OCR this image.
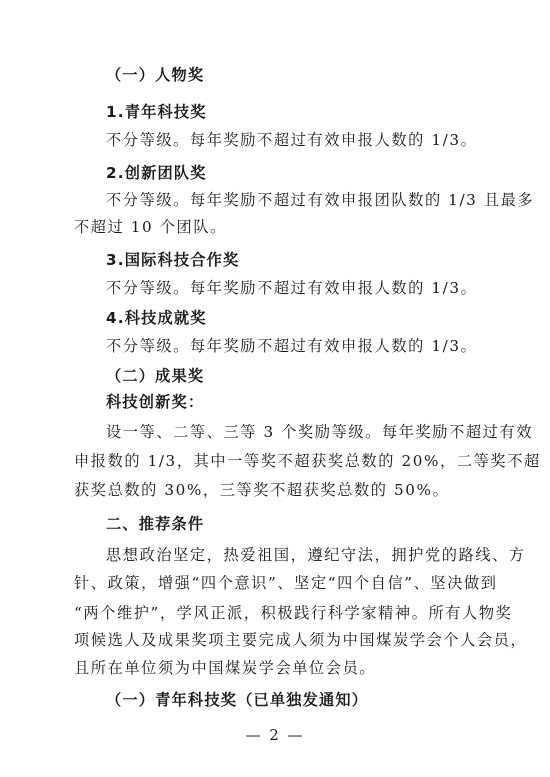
（一）人物奖
1.青年科技奖
不分等级。每年奖励不超过有效申报人数的 1/3。
2.创新团队奖
不分等级。每年奖励不超过有效申报团队数的 1/3 且最多
不超过 10 个团队。
3.国际科技合作奖
不分等级。每年奖励不超过有效申报人数的 1/3。
4.科技成就奖
不分等级。每年奖励不超过有效申报人数的 1/3。
（二）成果奖
科技创新奖：
设一等、二等、三等 3 个奖励等级。每年奖励不超过有效
申报数的 1/3，其中一等奖不超获奖总数的 20%，二等奖不超
获奖总数的 30%，三等奖不超获奖总数的 50%。
二、推荐条件
思想政治坚定，热爱祖国，遵纪守法，拥护党的路线、方
针、政策，增强“四个意识”、坚定“四个自信”、坚决做到
“两个维护”，学风正派，积极践行科学家精神。所有人物奖
项候选人及成果奖项主要完成人须为中国煤炭学会个人会员，
且所在单位须为中国煤炭学会单位会员。
（一）青年科技奖（已单独发通知）
— 2 —
